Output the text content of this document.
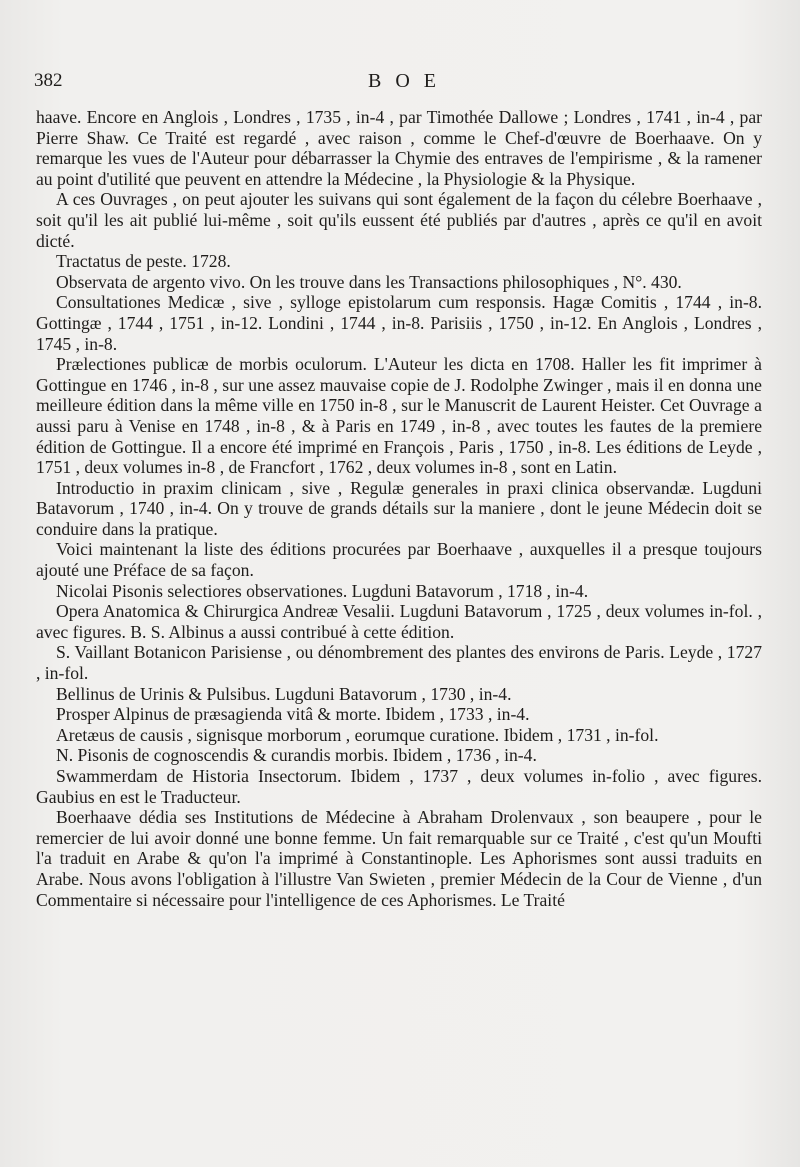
382	BOE

haave. Encore en Anglois , Londres , 1735 , in-4 , par Timothée Dallowe ; Londres , 1741 , in-4 , par Pierre Shaw. Ce Traité est regardé , avec raison , comme le Chef-d'œuvre de Boerhaave. On y remarque les vues de l'Auteur pour débarrasser la Chymie des entraves de l'empirisme , & la ramener au point d'utilité que peuvent en attendre la Médecine , la Physiologie & la Physique.

A ces Ouvrages , on peut ajouter les suivans qui sont également de la façon du célebre Boerhaave , soit qu'il les ait publié lui-même , soit qu'ils eussent été publiés par d'autres , après ce qu'il en avoit dicté.

Tractatus de peste. 1728.

Observata de argento vivo. On les trouve dans les Transactions philosophiques , N°. 430.

Consultationes Medicæ , sive , sylloge epistolarum cum responsis. Hagæ Comitis , 1744 , in-8. Gottingæ , 1744 , 1751 , in-12. Londini , 1744 , in-8. Parisiis , 1750 , in-12. En Anglois , Londres , 1745 , in-8.

Prælectiones publicæ de morbis oculorum. L'Auteur les dicta en 1708. Haller les fit imprimer à Gottingue en 1746 , in-8 , sur une assez mauvaise copie de J. Rodolphe Zwinger , mais il en donna une meilleure édition dans la même ville en 1750 in-8 , sur le Manuscrit de Laurent Heister. Cet Ouvrage a aussi paru à Venise en 1748 , in-8 , & à Paris en 1749 , in-8 , avec toutes les fautes de la premiere édition de Gottingue. Il a encore été imprimé en François , Paris , 1750 , in-8. Les éditions de Leyde , 1751 , deux volumes in-8 , de Francfort , 1762 , deux volumes in-8 , sont en Latin.

Introductio in praxim clinicam , sive , Regulæ generales in praxi clinica observandæ. Lugduni Batavorum , 1740 , in-4. On y trouve de grands détails sur la maniere , dont le jeune Médecin doit se conduire dans la pratique.

Voici maintenant la liste des éditions procurées par Boerhaave , auxquelles il a presque toujours ajouté une Préface de sa façon.

Nicolai Pisonis selectiores observationes. Lugduni Batavorum , 1718 , in-4.

Opera Anatomica & Chirurgica Andreæ Vesalii. Lugduni Batavorum , 1725 , deux volumes in-fol. , avec figures. B. S. Albinus a aussi contribué à cette édition.

S. Vaillant Botanicon Parisiense , ou dénombrement des plantes des environs de Paris. Leyde , 1727 , in-fol.

Bellinus de Urinis & Pulsibus. Lugduni Batavorum , 1730 , in-4.

Prosper Alpinus de præsagienda vitâ & morte. Ibidem , 1733 , in-4.

Aretæus de causis , signisque morborum , eorumque curatione. Ibidem , 1731 , in-fol.

N. Pisonis de cognoscendis & curandis morbis. Ibidem , 1736 , in-4.

Swammerdam de Historia Insectorum. Ibidem , 1737 , deux volumes in-folio , avec figures. Gaubius en est le Traducteur.

Boerhaave dédia ses Institutions de Médecine à Abraham Drolenvaux , son beaupere , pour le remercier de lui avoir donné une bonne femme. Un fait remarquable sur ce Traité , c'est qu'un Moufti l'a traduit en Arabe & qu'on l'a imprimé à Constantinople. Les Aphorismes sont aussi traduits en Arabe. Nous avons l'obligation à l'illustre Van Swieten , premier Médecin de la Cour de Vienne , d'un Commentaire si nécessaire pour l'intelligence de ces Aphorismes. Le Traité
